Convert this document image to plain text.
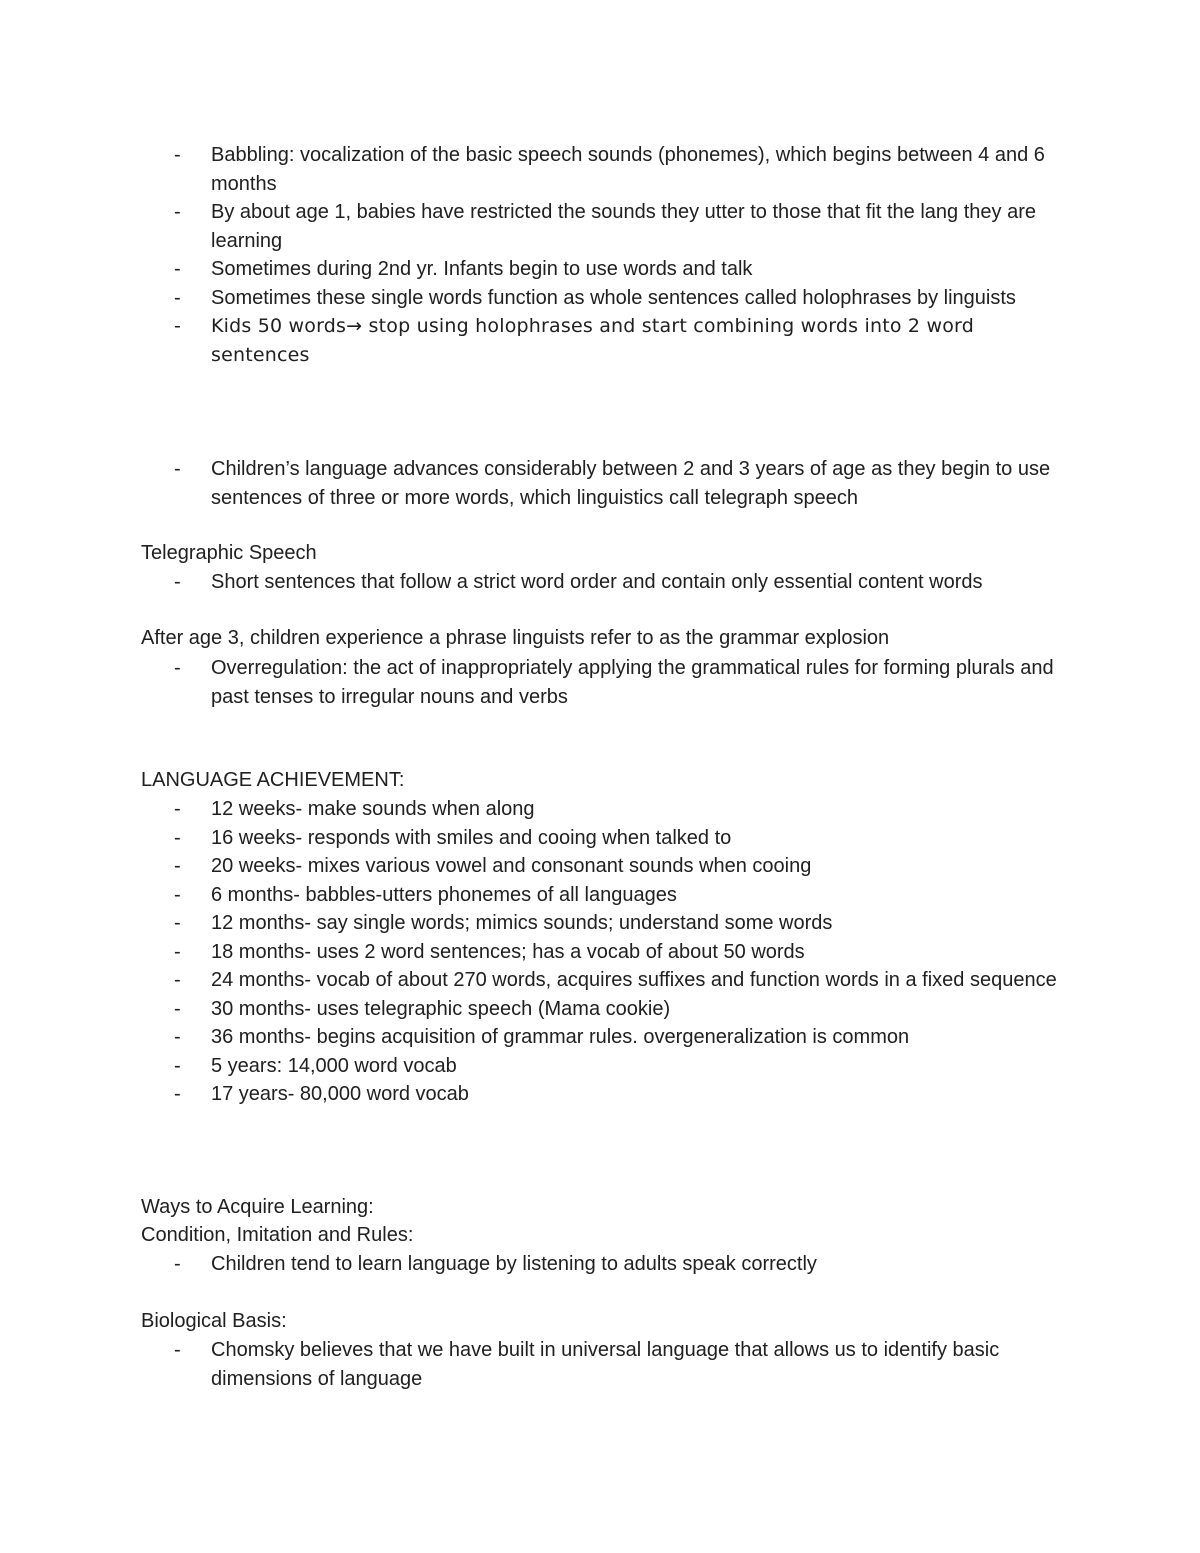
- Babbling: vocalization of the basic speech sounds (phonemes), which begins between 4 and 6 months
- By about age 1, babies have restricted the sounds they utter to those that fit the lang they are learning
- Sometimes during 2nd yr. Infants begin to use words and talk
- Sometimes these single words function as whole sentences called holophrases by linguists
- Kids 50 words→ stop using holophrases and start combining words into 2 word sentences
- Children’s language advances considerably between 2 and 3 years of age as they begin to use sentences of three or more words, which linguistics call telegraph speech
Telegraphic Speech
- Short sentences that follow a strict word order and contain only essential content words
After age 3, children experience a phrase linguists refer to as the grammar explosion
- Overregulation: the act of inappropriately applying the grammatical rules for forming plurals and past tenses to irregular nouns and verbs
LANGUAGE ACHIEVEMENT:
- 12 weeks- make sounds when along
- 16 weeks- responds with smiles and cooing when talked to
- 20 weeks- mixes various vowel and consonant sounds when cooing
- 6 months- babbles-utters phonemes of all languages
- 12 months- say single words; mimics sounds; understand some words
- 18 months- uses 2 word sentences; has a vocab of about 50 words
- 24 months- vocab of about 270 words, acquires suffixes and function words in a fixed sequence
- 30 months- uses telegraphic speech (Mama cookie)
- 36 months- begins acquisition of grammar rules. overgeneralization is common
- 5 years: 14,000 word vocab
- 17 years- 80,000 word vocab
Ways to Acquire Learning:
Condition, Imitation and Rules:
- Children tend to learn language by listening to adults speak correctly
Biological Basis:
- Chomsky believes that we have built in universal language that allows us to identify basic dimensions of language
